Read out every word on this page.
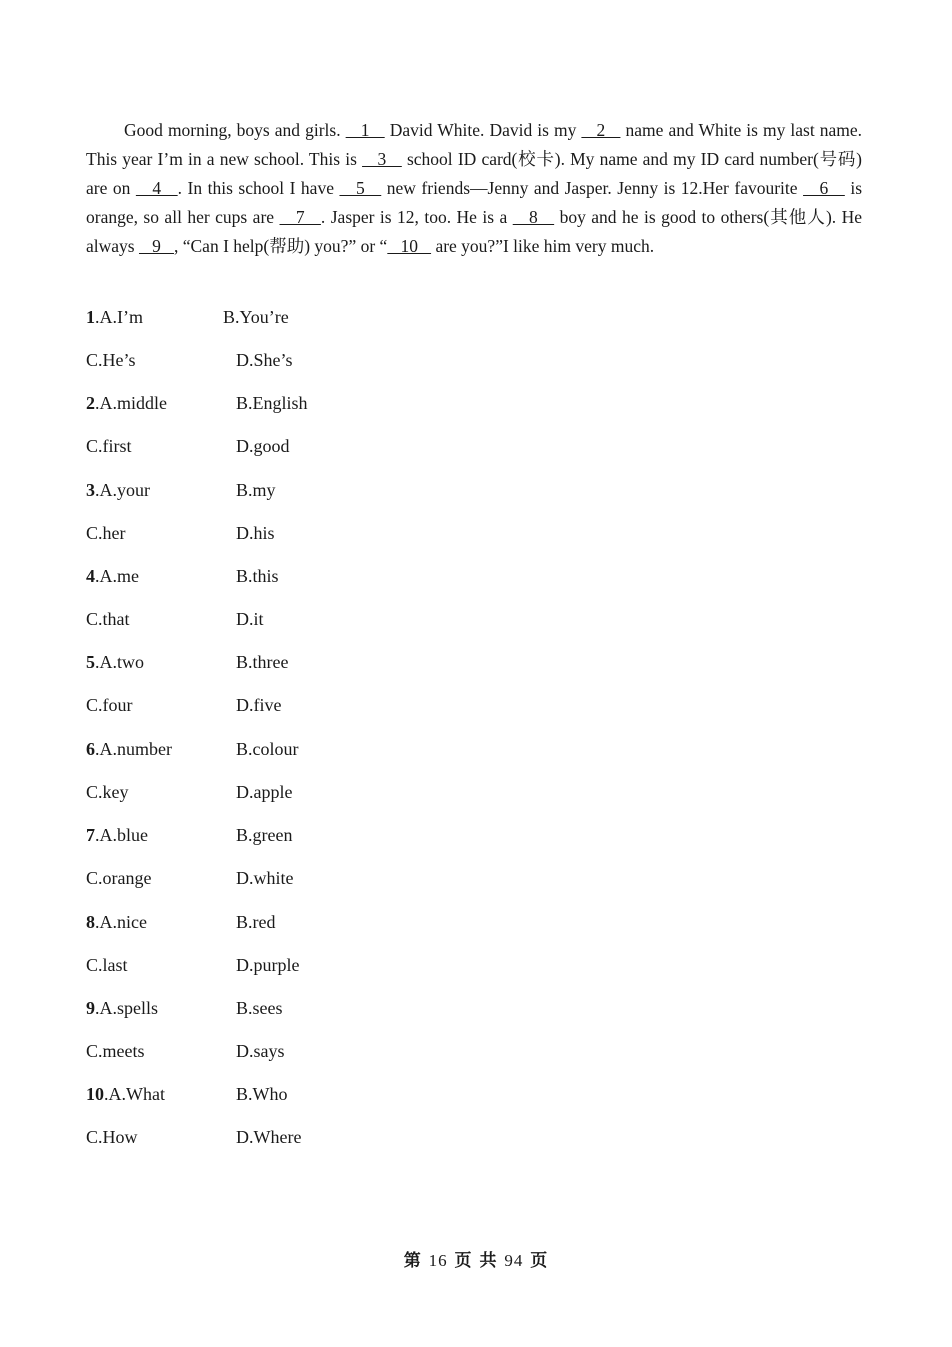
Good morning, boys and girls.    1    David White. David is my    2    name and White is my last name. This year I’m in a new school. This is    3    school ID card(校卡). My name and my ID card number(号码) are on    4   . In this school I have    5    new friends—Jenny and Jasper. Jenny is 12.Her favourite    6    is orange, so all her cups are    7   . Jasper is 12, too. He is a    8    boy and he is good to others(其他人). He always    9   , “Can I help(帮助) you?” or “   10    are you?”I like him very much.
1.A.I’m	B.You’re
C.He’s	D.She’s
2.A.middle	B.English
C.first	D.good
3.A.your	B.my
C.her	D.his
4.A.me	B.this
C.that	D.it
5.A.two	B.three
C.four	D.five
6.A.number	B.colour
C.key	D.apple
7.A.blue	B.green
C.orange	D.white
8.A.nice	B.red
C.last	D.purple
9.A.spells	B.sees
C.meets	D.says
10.A.What	B.Who
C.How	D.Where
第 16 页 共 94 页
